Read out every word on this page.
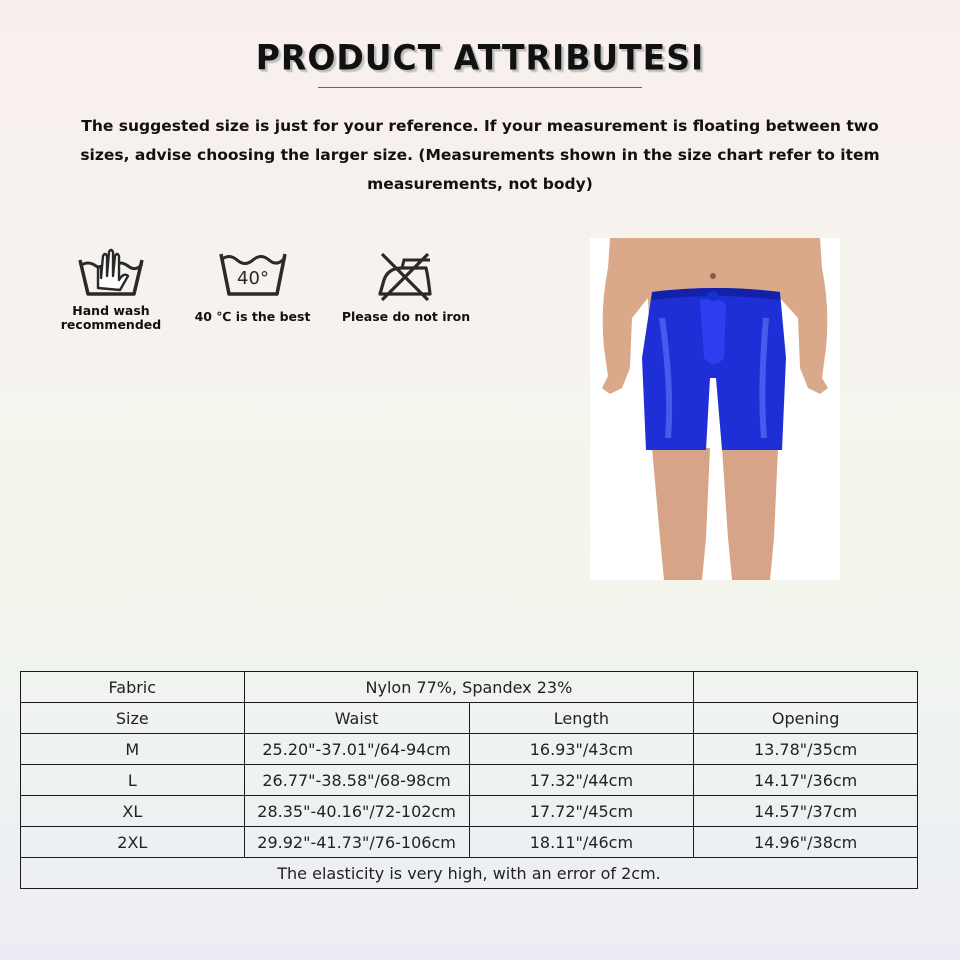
PRODUCT ATTRIBUTESI
The suggested size is just for your reference. If your measurement is floating between two sizes, advise choosing the larger size. (Measurements shown in the size chart refer to item measurements, not body)
Hand wash recommended
40°
40 ℃ is the best	Please do not iron
Fabric	Nylon 77%, Spandex 23%		
Size	Waist	Length	Opening
M	25.20"-37.01"/64-94cm	16.93"/43cm	13.78"/35cm
L	26.77"-38.58"/68-98cm	17.32"/44cm	14.17"/36cm
XL	28.35"-40.16"/72-102cm	17.72"/45cm	14.57"/37cm
2XL	29.92"-41.73"/76-106cm	18.11"/46cm	14.96"/38cm
The elasticity is very high, with an error of 2cm.			
